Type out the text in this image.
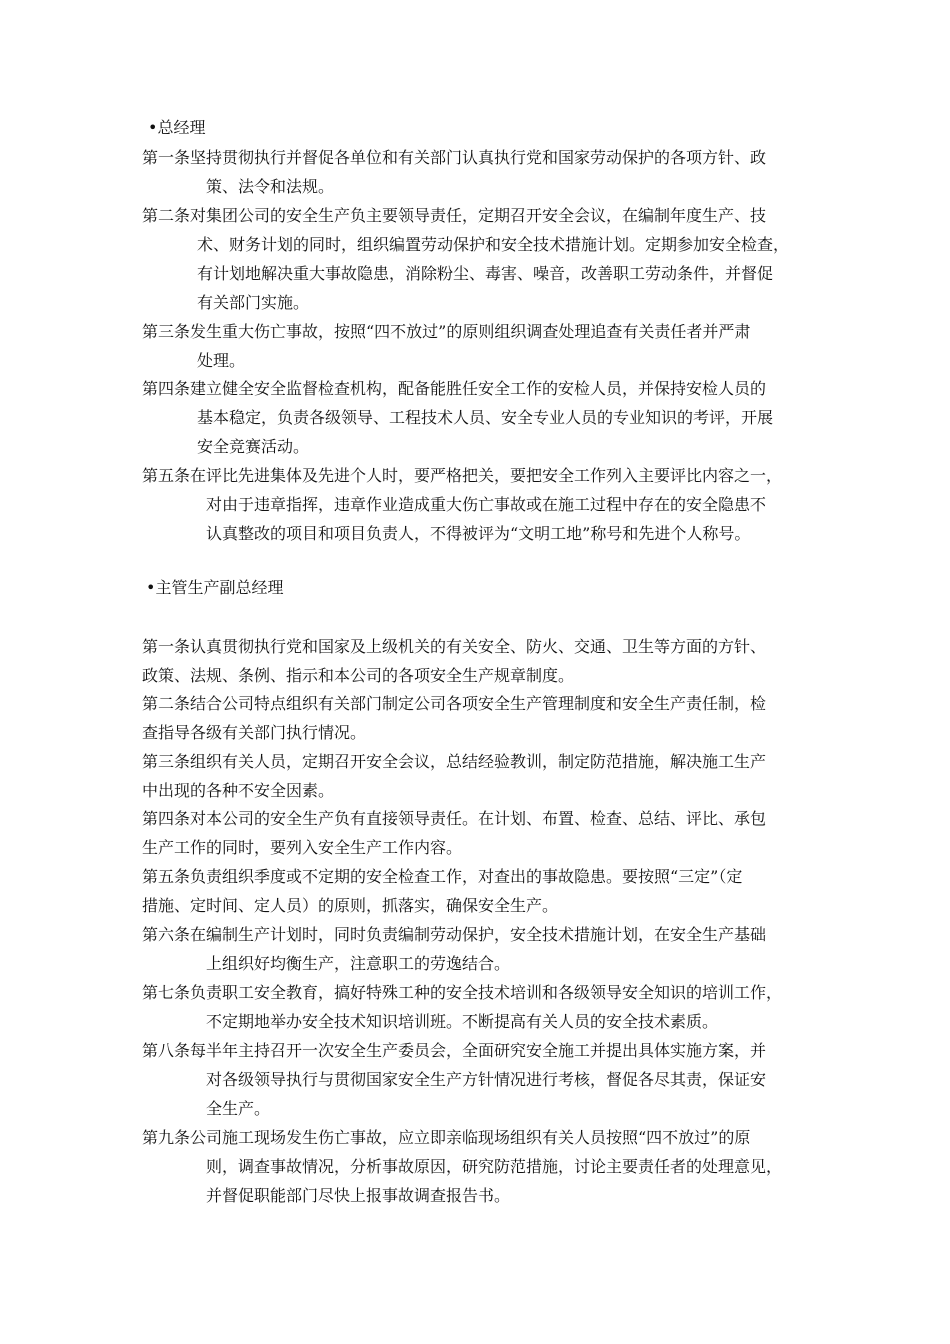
•总经理
第一条坚持贯彻执行并督促各单位和有关部门认真执行党和国家劳动保护的各项方针、政
策、法令和法规。
第二条对集团公司的安全生产负主要领导责任，定期召开安全会议，在编制年度生产、技
术、财务计划的同时，组织编置劳动保护和安全技术措施计划。定期参加安全检查，
有计划地解决重大事故隐患，消除粉尘、毒害、噪音，改善职工劳动条件，并督促
有关部门实施。
第三条发生重大伤亡事故，按照“四不放过”的原则组织调查处理追查有关责任者并严肃
处理。
第四条建立健全安全监督检查机构，配备能胜任安全工作的安检人员，并保持安检人员的
基本稳定，负责各级领导、工程技术人员、安全专业人员的专业知识的考评，开展
安全竞赛活动。
第五条在评比先进集体及先进个人时，要严格把关，要把安全工作列入主要评比内容之一，
对由于违章指挥，违章作业造成重大伤亡事故或在施工过程中存在的安全隐患不
认真整改的项目和项目负责人，不得被评为“文明工地”称号和先进个人称号。
•主管生产副总经理
第一条认真贯彻执行党和国家及上级机关的有关安全、防火、交通、卫生等方面的方针、
政策、法规、条例、指示和本公司的各项安全生产规章制度。
第二条结合公司特点组织有关部门制定公司各项安全生产管理制度和安全生产责任制，检
查指导各级有关部门执行情况。
第三条组织有关人员，定期召开安全会议，总结经验教训，制定防范措施，解决施工生产
中出现的各种不安全因素。
第四条对本公司的安全生产负有直接领导责任。在计划、布置、检查、总结、评比、承包
生产工作的同时，要列入安全生产工作内容。
第五条负责组织季度或不定期的安全检查工作，对查出的事故隐患。要按照“三定”（定
措施、定时间、定人员）的原则，抓落实，确保安全生产。
第六条在编制生产计划时，同时负责编制劳动保护，安全技术措施计划，在安全生产基础
上组织好均衡生产，注意职工的劳逸结合。
第七条负责职工安全教育，搞好特殊工种的安全技术培训和各级领导安全知识的培训工作，
不定期地举办安全技术知识培训班。不断提高有关人员的安全技术素质。
第八条每半年主持召开一次安全生产委员会，全面研究安全施工并提出具体实施方案，并
对各级领导执行与贯彻国家安全生产方针情况进行考核，督促各尽其责，保证安
全生产。
第九条公司施工现场发生伤亡事故，应立即亲临现场组织有关人员按照“四不放过”的原
则，调查事故情况，分析事故原因，研究防范措施，讨论主要责任者的处理意见，
并督促职能部门尽快上报事故调查报告书。
